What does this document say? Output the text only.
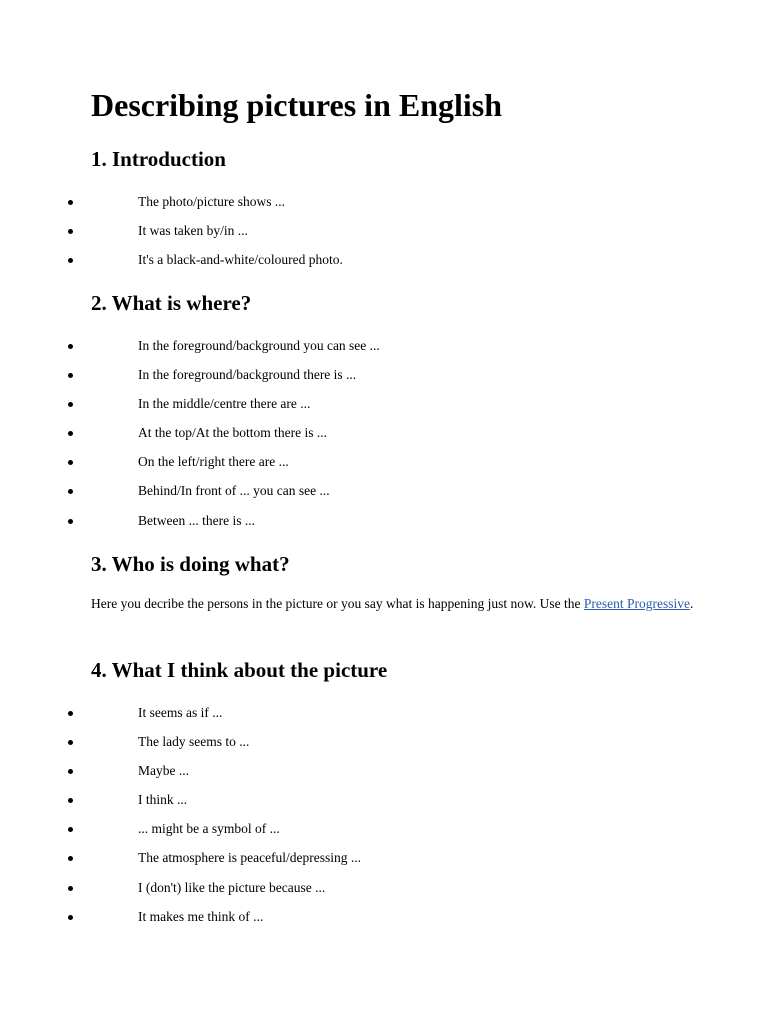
Describing pictures in English
1. Introduction
The photo/picture shows ...
It was taken by/in ...
It's a black-and-white/coloured photo.
2. What is where?
In the foreground/background you can see ...
In the foreground/background there is ...
In the middle/centre there are ...
At the top/At the bottom there is ...
On the left/right there are ...
Behind/In front of ... you can see ...
Between ... there is ...
3. Who is doing what?

Here you decribe the persons in the picture or you say what is happening just now. Use the Present Progressive.

4. What I think about the picture
It seems as if ...
The lady seems to ...
Maybe ...
I think ...
... might be a symbol of ...
The atmosphere is peaceful/depressing ...
I (don't) like the picture because ...
It makes me think of ...
